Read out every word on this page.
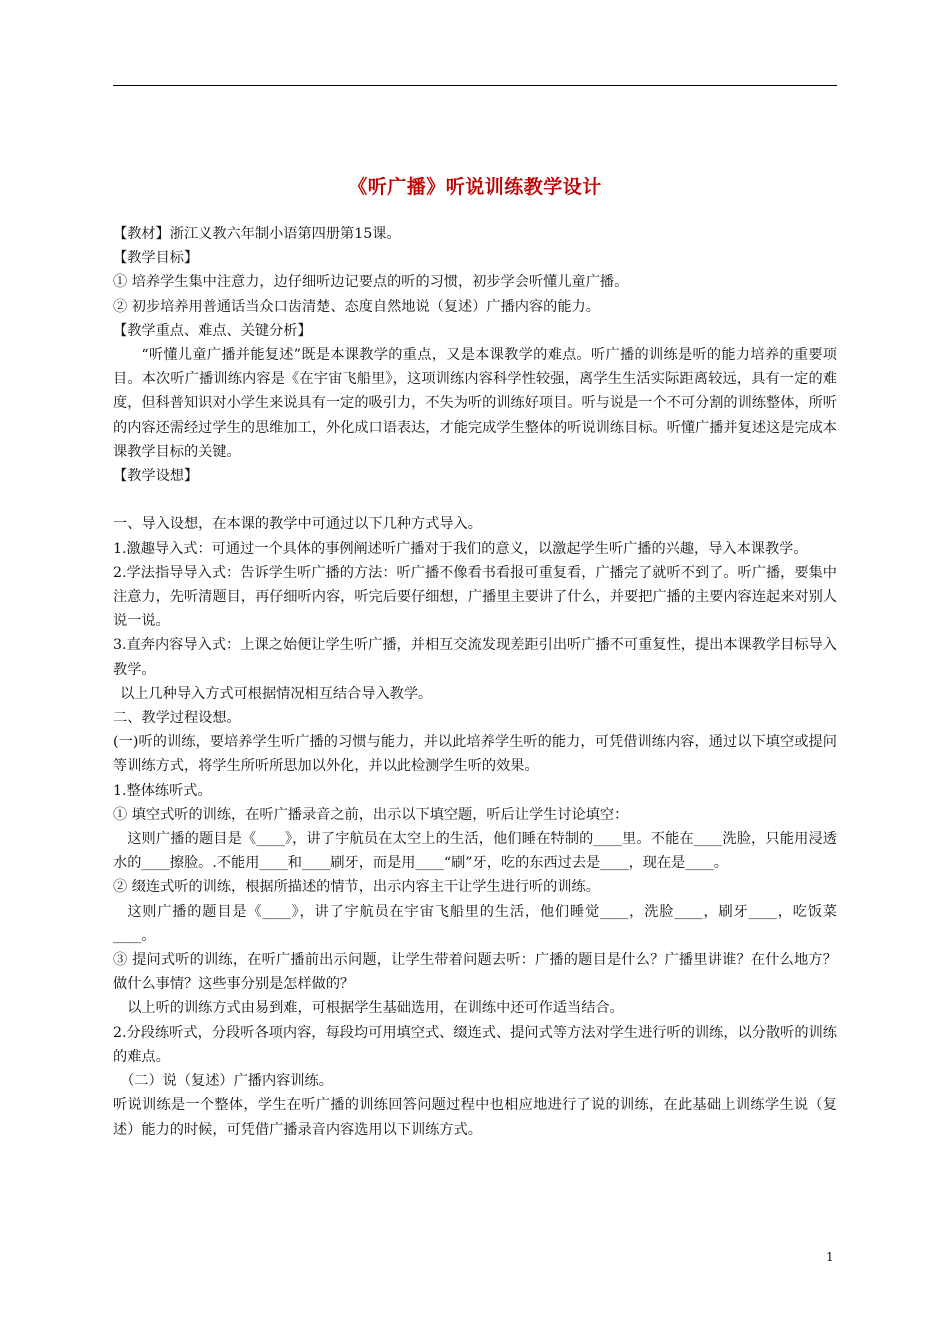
《听广播》听说训练教学设计

【教材】浙江义教六年制小语第四册第15课。

【教学目标】

① 培养学生集中注意力，边仔细听边记要点的听的习惯，初步学会听懂儿童广播。

② 初步培养用普通话当众口齿清楚、态度自然地说（复述）广播内容的能力。

【教学重点、难点、关键分析】

“听懂儿童广播并能复述”既是本课教学的重点，又是本课教学的难点。听广播的训练是听的能力培养的重要项目。本次听广播训练内容是《在宇宙飞船里》，这项训练内容科学性较强，离学生生活实际距离较远，具有一定的难度，但科普知识对小学生来说具有一定的吸引力，不失为听的训练好项目。听与说是一个不可分割的训练整体，所听的内容还需经过学生的思维加工，外化成口语表达，才能完成学生整体的听说训练目标。听懂广播并复述这是完成本课教学目标的关键。

【教学设想】

一、导入设想，在本课的教学中可通过以下几种方式导入。

1.激趣导入式：可通过一个具体的事例阐述听广播对于我们的意义，以激起学生听广播的兴趣，导入本课教学。

2.学法指导导入式：告诉学生听广播的方法：听广播不像看书看报可重复看，广播完了就听不到了。听广播，要集中注意力，先听清题目，再仔细听内容，听完后要仔细想，广播里主要讲了什么，并要把广播的主要内容连起来对别人说一说。

3.直奔内容导入式：上课之始便让学生听广播，并相互交流发现差距引出听广播不可重复性，提出本课教学目标导入教学。

以上几种导入方式可根据情况相互结合导入教学。

二、教学过程设想。

(一)听的训练，要培养学生听广播的习惯与能力，并以此培养学生听的能力，可凭借训练内容，通过以下填空或提问等训练方式，将学生所听所思加以外化，并以此检测学生听的效果。

1.整体练听式。

① 填空式听的训练，在听广播录音之前，出示以下填空题，听后让学生讨论填空：

这则广播的题目是《____》，讲了宇航员在太空上的生活，他们睡在特制的____里。不能在____洗脸，只能用浸透水的____擦脸。.不能用____和____刷牙，而是用____“刷”牙，吃的东西过去是____，现在是____。

② 缀连式听的训练，根据所描述的情节，出示内容主干让学生进行听的训练。

这则广播的题目是《____》，讲了宇航员在宇宙飞船里的生活，他们睡觉____，洗脸____，刷牙____，吃饭菜____。

③ 提问式听的训练，在听广播前出示问题，让学生带着问题去听：广播的题目是什么？广播里讲谁？在什么地方？做什么事情？这些事分别是怎样做的？

以上听的训练方式由易到难，可根据学生基础选用，在训练中还可作适当结合。

2.分段练听式，分段听各项内容，每段均可用填空式、缀连式、提问式等方法对学生进行听的训练，以分散听的训练的难点。

（二）说（复述）广播内容训练。

听说训练是一个整体，学生在听广播的训练回答问题过程中也相应地进行了说的训练，在此基础上训练学生说（复述）能力的时候，可凭借广播录音内容选用以下训练方式。

1
